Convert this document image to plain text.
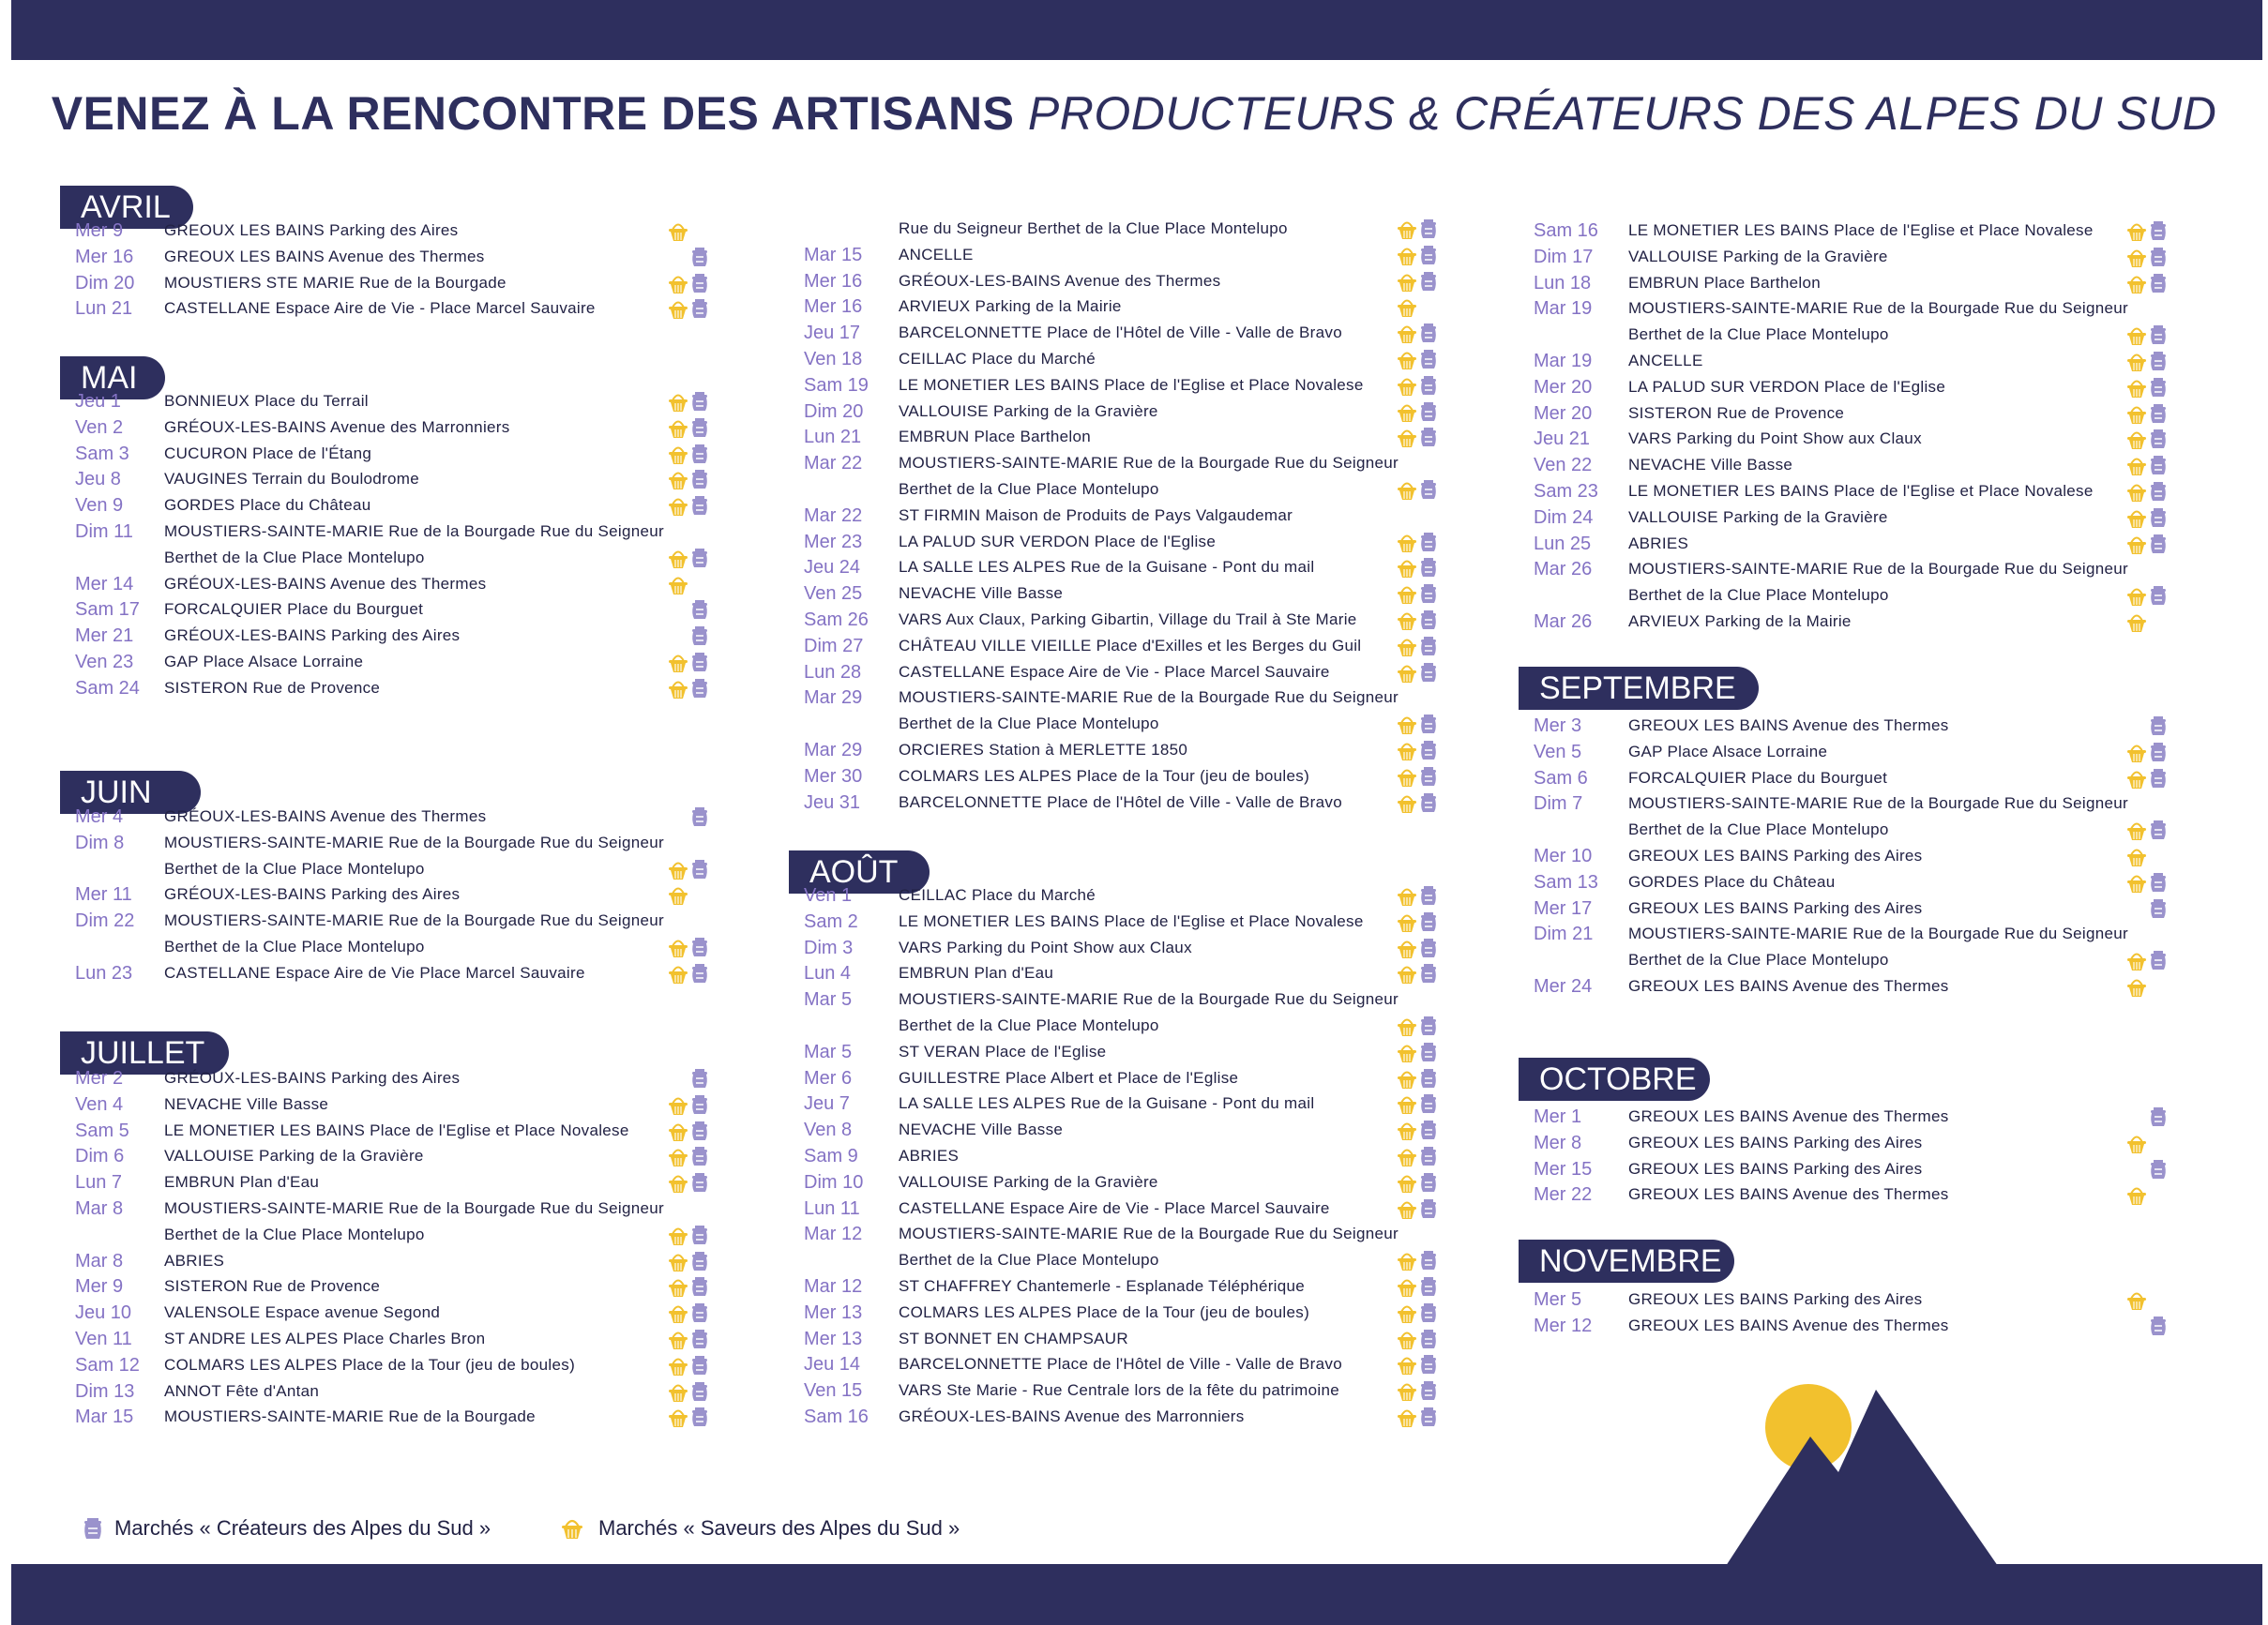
VENEZ À LA RENCONTRE DES ARTISANS PRODUCTEURS & CRÉATEURS DES ALPES DU SUD
AVRIL
Mer 9	GREOUX LES BAINS Parking des Aires
Mer 16 GREOUX LES BAINS Avenue des Thermes
Dim 20 MOUSTIERS STE MARIE Rue de la Bourgade
Lun 21 CASTELLANE Espace Aire de Vie - Place Marcel Sauvaire
MAI
Jeu 1	BONNIEUX Place du Terrail
Ven 2	GRÉOUX-LES-BAINS Avenue des Marronniers
Sam 3 CUCURON Place de l'Étang
Jeu 8	VAUGINES Terrain du Boulodrome
Ven 9	GORDES Place du Château
Dim 11 MOUSTIERS-SAINTE-MARIE Rue de la Bourgade Rue du Seigneur
Berthet de la Clue Place Montelupo
Mer 14 GRÉOUX-LES-BAINS Avenue des Thermes
Sam 17 FORCALQUIER Place du Bourguet
Mer 21 GRÉOUX-LES-BAINS Parking des Aires
Ven 23 GAP Place Alsace Lorraine
Sam 24 SISTERON Rue de Provence
JUIN
Mer 4	GRÉOUX-LES-BAINS Avenue des Thermes
Dim 8	MOUSTIERS-SAINTE-MARIE Rue de la Bourgade Rue du Seigneur
Berthet de la Clue Place Montelupo
Mer 11 GRÉOUX-LES-BAINS Parking des Aires
Dim 22 MOUSTIERS-SAINTE-MARIE Rue de la Bourgade Rue du Seigneur
Berthet de la Clue Place Montelupo
Lun 23 CASTELLANE Espace Aire de Vie Place Marcel Sauvaire
JUILLET
Mer 2	GRÉOUX-LES-BAINS Parking des Aires
Ven 4	NEVACHE Ville Basse
Sam 5 LE MONETIER LES BAINS Place de l'Eglise et Place Novalese
Dim 6	VALLOUISE Parking de la Gravière
Lun 7	EMBRUN Plan d'Eau
Mar 8	MOUSTIERS-SAINTE-MARIE Rue de la Bourgade Rue du Seigneur
Berthet de la Clue Place Montelupo
Mar 8	ABRIES
Mer 9	SISTERON Rue de Provence
Jeu 10 VALENSOLE Espace avenue Segond
Ven 11 ST ANDRE LES ALPES Place Charles Bron
Sam 12 COLMARS LES ALPES Place de la Tour (jeu de boules)
Dim 13 ANNOT Fête d'Antan
Mar 15 MOUSTIERS-SAINTE-MARIE Rue de la Bourgade
Rue du Seigneur Berthet de la Clue Place Montelupo
Mar 15 ANCELLE
Mer 16 GRÉOUX-LES-BAINS Avenue des Thermes
Mer 16 ARVIEUX Parking de la Mairie
Jeu 17 BARCELONNETTE Place de l'Hôtel de Ville - Valle de Bravo
Ven 18 CEILLAC Place du Marché
Sam 19 LE MONETIER LES BAINS Place de l'Eglise et Place Novalese
Dim 20 VALLOUISE Parking de la Gravière
Lun 21 EMBRUN Place Barthelon
Mar 22 MOUSTIERS-SAINTE-MARIE Rue de la Bourgade Rue du Seigneur
Berthet de la Clue Place Montelupo
Mar 22 ST FIRMIN Maison de Produits de Pays Valgaudemar
Mer 23 LA PALUD SUR VERDON Place de l'Eglise
Jeu 24 LA SALLE LES ALPES Rue de la Guisane - Pont du mail
Ven 25 NEVACHE Ville Basse
Sam 26 VARS Aux Claux, Parking Gibartin, Village du Trail à Ste Marie
Dim 27 CHÂTEAU VILLE VIEILLE Place d'Exilles et les Berges du Guil
Lun 28 CASTELLANE Espace Aire de Vie - Place Marcel Sauvaire
Mar 29 MOUSTIERS-SAINTE-MARIE Rue de la Bourgade Rue du Seigneur
Berthet de la Clue Place Montelupo
Mar 29 ORCIERES Station à MERLETTE 1850
Mer 30 COLMARS LES ALPES Place de la Tour (jeu de boules)
Jeu 31 BARCELONNETTE Place de l'Hôtel de Ville - Valle de Bravo
AOÛT
Ven 1	CEILLAC Place du Marché
Sam 2	LE MONETIER LES BAINS Place de l'Eglise et Place Novalese
Dim 3	VARS Parking du Point Show aux Claux
Lun 4	EMBRUN Plan d'Eau
Mar 5	MOUSTIERS-SAINTE-MARIE Rue de la Bourgade Rue du Seigneur
Berthet de la Clue Place Montelupo
Mar 5	ST VERAN Place de l'Eglise
Mer 6	GUILLESTRE Place Albert et Place de l'Eglise
Jeu 7	LA SALLE LES ALPES Rue de la Guisane - Pont du mail
Ven 8	NEVACHE Ville Basse
Sam 9	ABRIES
Dim 10 VALLOUISE Parking de la Gravière
Lun 11 CASTELLANE Espace Aire de Vie - Place Marcel Sauvaire
Mar 12 MOUSTIERS-SAINTE-MARIE Rue de la Bourgade Rue du Seigneur
Berthet de la Clue Place Montelupo
Mar 12 ST CHAFFREY Chantemerle - Esplanade Téléphérique
Mer 13 COLMARS LES ALPES Place de la Tour (jeu de boules)
Mer 13 ST BONNET EN CHAMPSAUR
Jeu 14 BARCELONNETTE Place de l'Hôtel de Ville - Valle de Bravo
Ven 15 VARS Ste Marie - Rue Centrale lors de la fête du patrimoine
Sam 16 GRÉOUX-LES-BAINS Avenue des Marronniers
Sam 16 LE MONETIER LES BAINS Place de l'Eglise et Place Novalese
Dim 17 VALLOUISE Parking de la Gravière
Lun 18 EMBRUN Place Barthelon
Mar 19 MOUSTIERS-SAINTE-MARIE Rue de la Bourgade Rue du Seigneur
Berthet de la Clue Place Montelupo
Mar 19 ANCELLE
Mer 20 LA PALUD SUR VERDON Place de l'Eglise
Mer 20 SISTERON Rue de Provence
Jeu 21 VARS Parking du Point Show aux Claux
Ven 22 NEVACHE Ville Basse
Sam 23 LE MONETIER LES BAINS Place de l'Eglise et Place Novalese
Dim 24 VALLOUISE Parking de la Gravière
Lun 25 ABRIES
Mar 26 MOUSTIERS-SAINTE-MARIE Rue de la Bourgade Rue du Seigneur
Berthet de la Clue Place Montelupo
Mar 26 ARVIEUX Parking de la Mairie
SEPTEMBRE
Mer 3	GREOUX LES BAINS Avenue des Thermes
Ven 5	GAP Place Alsace Lorraine
Sam 6	FORCALQUIER Place du Bourguet
Dim 7	MOUSTIERS-SAINTE-MARIE Rue de la Bourgade Rue du Seigneur
Berthet de la Clue Place Montelupo
Mer 10 GREOUX LES BAINS Parking des Aires
Sam 13 GORDES Place du Château
Mer 17 GREOUX LES BAINS Parking des Aires
Dim 21 MOUSTIERS-SAINTE-MARIE Rue de la Bourgade Rue du Seigneur
Berthet de la Clue Place Montelupo
Mer 24 GREOUX LES BAINS Avenue des Thermes
OCTOBRE
Mer 1	GREOUX LES BAINS Avenue des Thermes
Mer 8	GREOUX LES BAINS Parking des Aires
Mer 15 GREOUX LES BAINS Parking des Aires
Mer 22 GREOUX LES BAINS Avenue des Thermes
NOVEMBRE
Mer 5	GREOUX LES BAINS Parking des Aires
Mer 12 GREOUX LES BAINS Avenue des Thermes
Marchés « Créateurs des Alpes du Sud »	Marchés « Saveurs des Alpes du Sud »
